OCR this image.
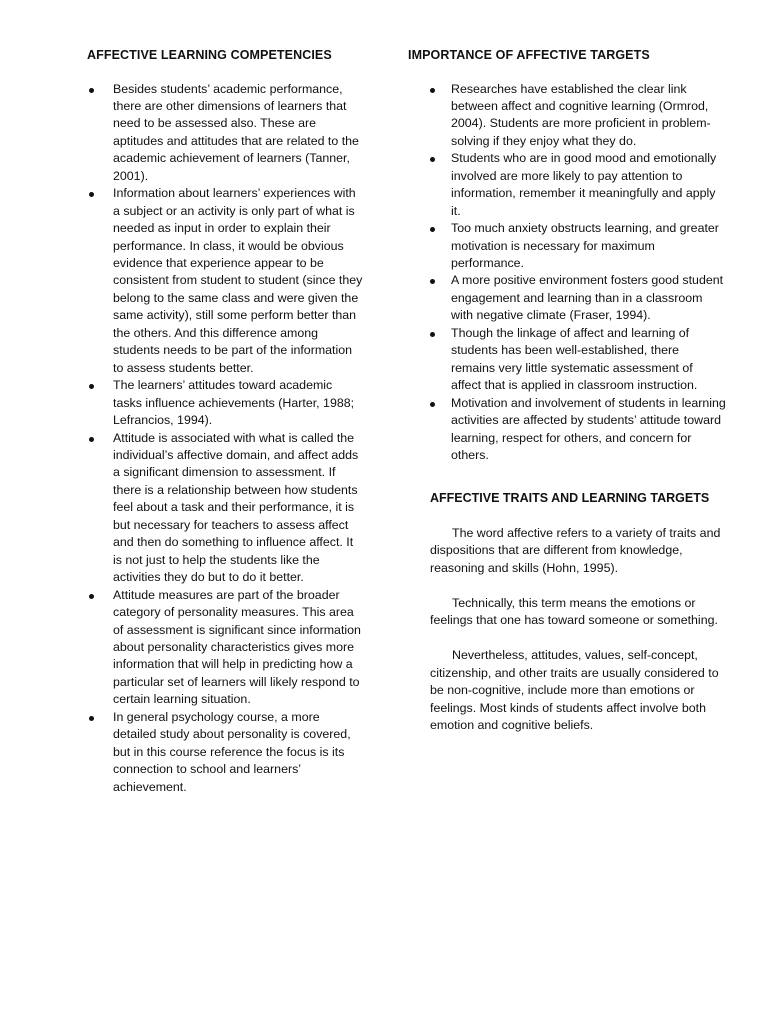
AFFECTIVE LEARNING COMPETENCIES
Besides students’ academic performance, there are other dimensions of learners that need to be assessed also. These are aptitudes and attitudes that are related to the academic achievement of learners (Tanner, 2001).
Information about learners’ experiences with a subject or an activity is only part of what is needed as input in order to explain their performance. In class, it would be obvious evidence that experience appear to be consistent from student to student (since they belong to the same class and were given the same activity), still some perform better than the others. And this difference among students needs to be part of the information to assess students better.
The learners’ attitudes toward academic tasks influence achievements (Harter, 1988; Lefrancios, 1994).
Attitude is associated with what is called the individual’s affective domain, and affect adds a significant dimension to assessment. If there is a relationship between how students feel about a task and their performance, it is but necessary for teachers to assess affect and then do something to influence affect. It is not just to help the students like the activities they do but to do it better.
Attitude measures are part of the broader category of personality measures. This area of assessment is significant since information about personality characteristics gives more information that will help in predicting how a particular set of learners will likely respond to certain learning situation.
In general psychology course, a more detailed study about personality is covered, but in this course reference the focus is its connection to school and learners’ achievement.
IMPORTANCE OF AFFECTIVE TARGETS
Researches have established the clear link between affect and cognitive learning (Ormrod, 2004). Students are more proficient in problem-solving if they enjoy what they do.
Students who are in good mood and emotionally involved are more likely to pay attention to information, remember it meaningfully and apply it.
Too much anxiety obstructs learning, and greater motivation is necessary for maximum performance.
A more positive environment fosters good student engagement and learning than in a classroom with negative climate (Fraser, 1994).
Though the linkage of affect and learning of students has been well-established, there remains very little systematic assessment of affect that is applied in classroom instruction.
Motivation and involvement of students in learning activities are affected by students’ attitude toward learning, respect for others, and concern for others.
AFFECTIVE TRAITS AND LEARNING TARGETS

The word affective refers to a variety of traits and dispositions that are different from knowledge, reasoning and skills (Hohn, 1995).

Technically, this term means the emotions or feelings that one has toward someone or something.

Nevertheless, attitudes, values, self-concept, citizenship, and other traits are usually considered to be non-cognitive, include more than emotions or feelings. Most kinds of students affect involve both emotion and cognitive beliefs.
